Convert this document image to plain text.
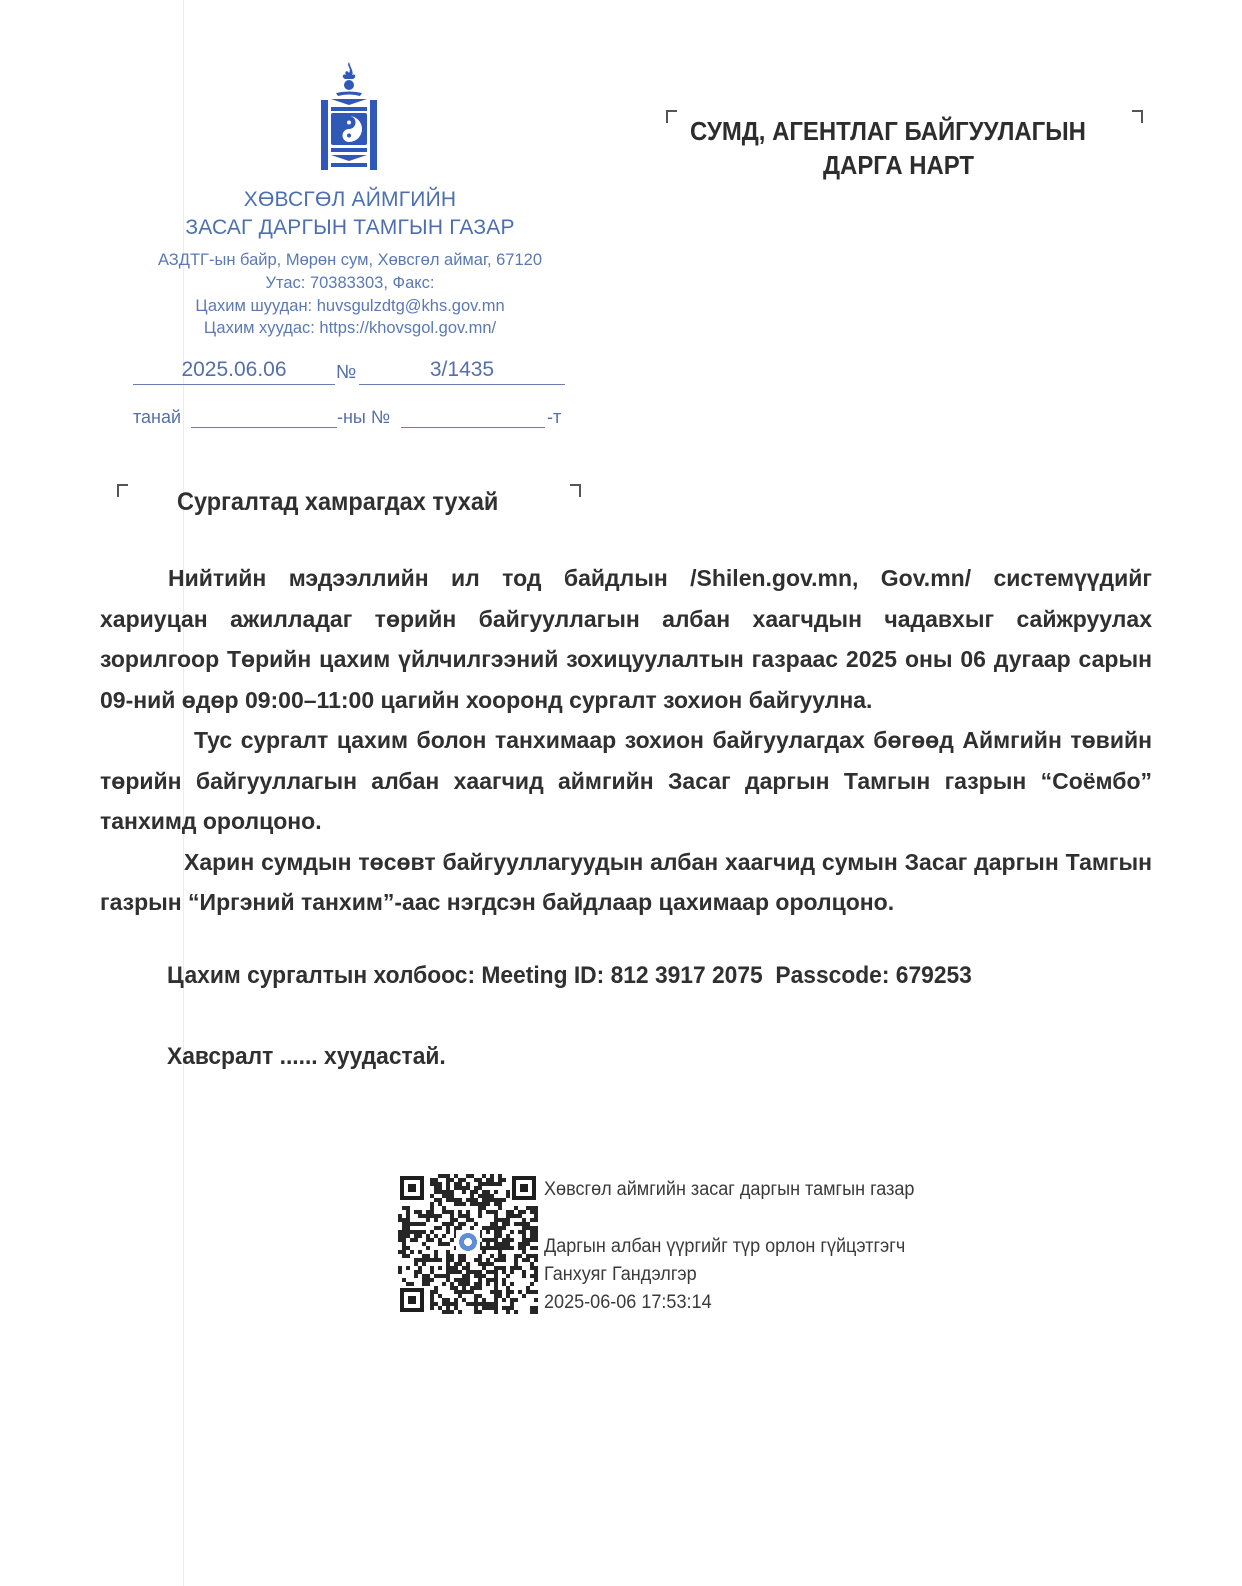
ХӨВСГӨЛ АЙМГИЙН
ЗАСАГ ДАРГЫН ТАМГЫН ГАЗАР
АЗДТГ-ын байр, Мөрөн сум, Хөвсгөл аймаг, 67120
Утас: 70383303, Факс:
Цахим шуудан: huvsgulzdtg@khs.gov.mn
Цахим хуудас: https://khovsgol.gov.mn/
2025.06.06	№	3/1435
танай	-ны №	-т
СУМД, АГЕНТЛАГ БАЙГУУЛАГЫН
ДАРГА НАРТ
Сургалтад хамрагдах тухай

Нийтийн мэдээллийн ил тод байдлын /Shilen.gov.mn, Gov.mn/ системүүдийг хариуцан ажилладаг төрийн байгууллагын албан хаагчдын чадавхыг сайжруулах зорилгоор Төрийн цахим үйлчилгээний зохицуулалтын газраас 2025 оны 06 дугаар сарын 09-ний өдөр 09:00–11:00 цагийн хооронд сургалт зохион байгуулна.

Тус сургалт цахим болон танхимаар зохион байгуулагдах бөгөөд Аймгийн төвийн төрийн байгууллагын албан хаагчид аймгийн Засаг даргын Тамгын газрын “Соёмбо” танхимд оролцоно.

Харин сумдын төсөвт байгууллагуудын албан хаагчид сумын Засаг даргын Тамгын газрын “Иргэний танхим”-аас нэгдсэн байдлаар цахимаар оролцоно.

Цахим сургалтын холбоос: Meeting ID: 812 3917 2075  Passcode: 679253
Хавсралт ...... хуудастай.
Хөвсгөл аймгийн засаг даргын тамгын газар
Даргын албан үүргийг түр орлон гүйцэтгэгч
Ганхуяг Гандэлгэр
2025-06-06 17:53:14
